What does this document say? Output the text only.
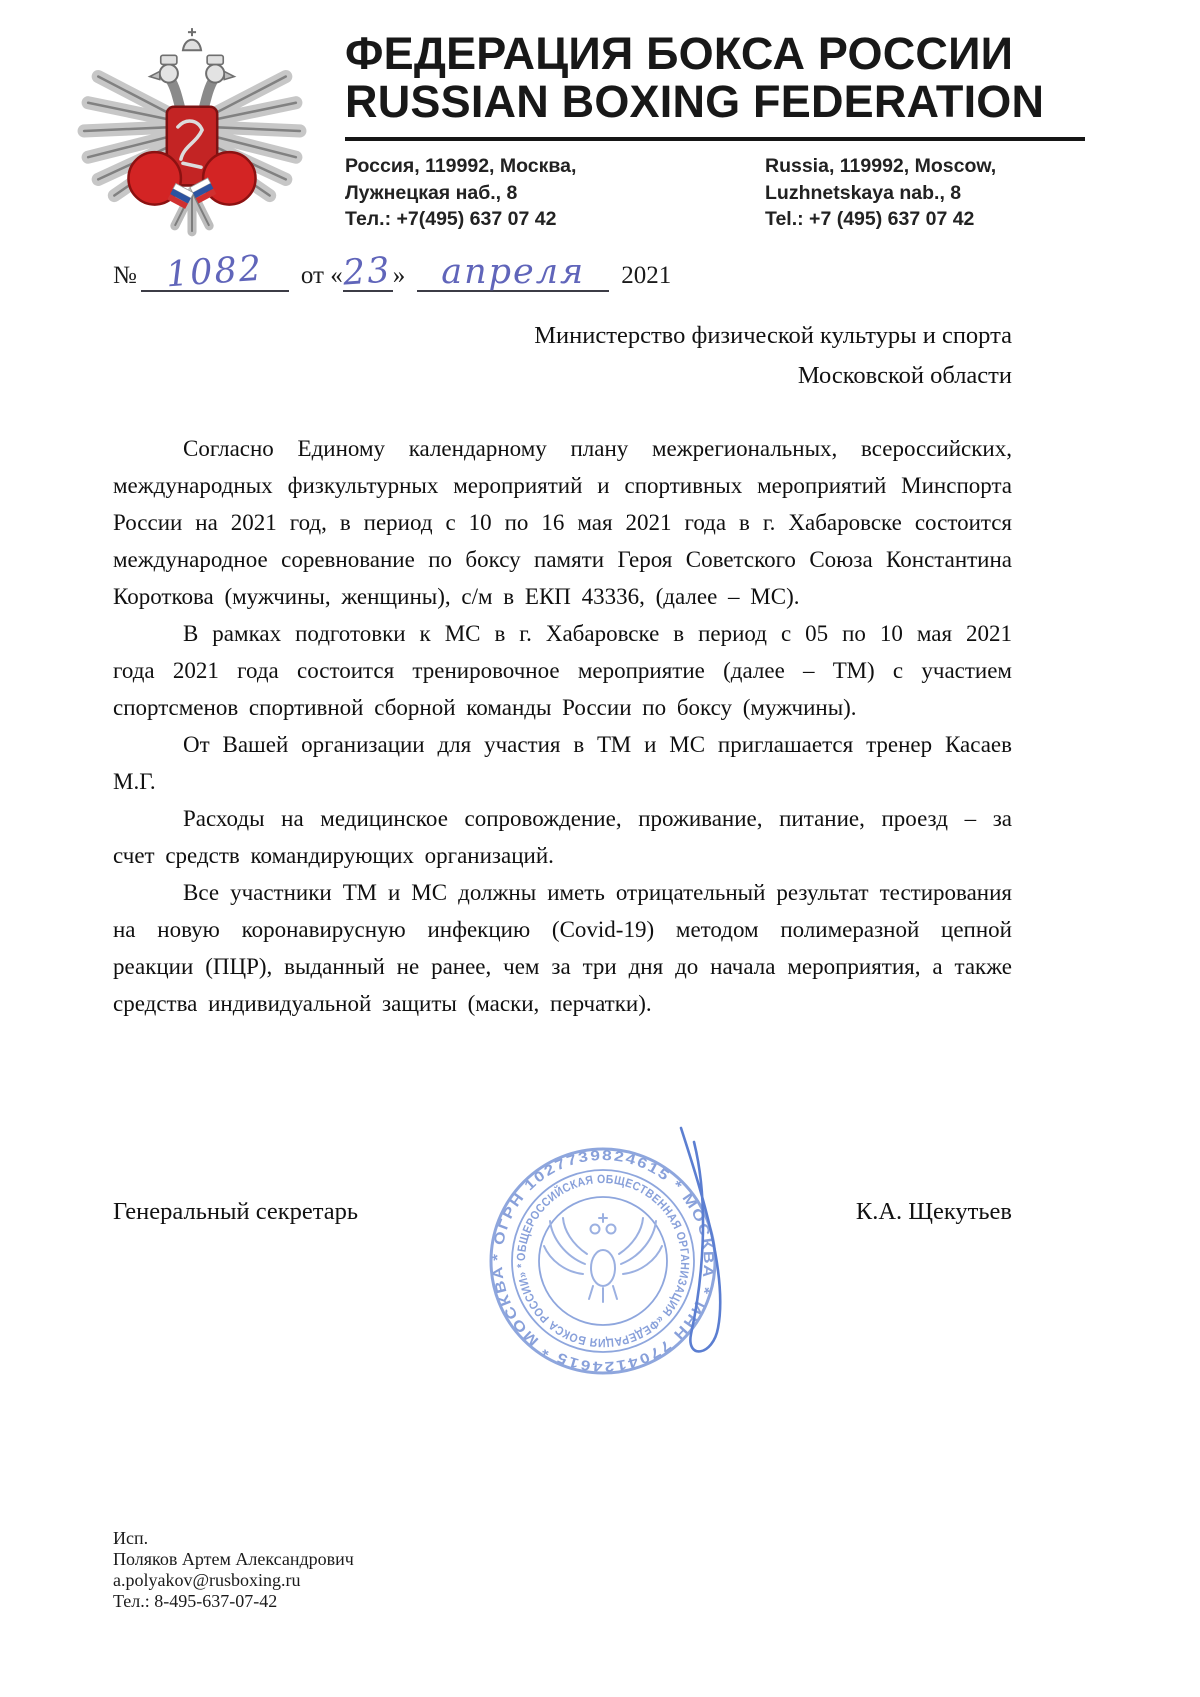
ФЕДЕРАЦИЯ БОКСА РОССИИ
RUSSIAN BOXING FEDERATION
Россия, 119992, Москва,
Лужнецкая наб., 8
Тел.: +7(495) 637 07 42
Russia, 119992, Moscow,
Luzhnetskaya nab., 8
Tel.: +7 (495) 637 07 42
№ 1082	от « 23 »	апреля	2021
Министерство физической культуры и спорта
Московской области

Согласно Единому календарному плану межрегиональных, всероссийских, международных физкультурных мероприятий и спортивных мероприятий Минспорта России на 2021 год, в период с 10 по 16 мая 2021 года в г. Хабаровске состоится международное соревнование по боксу памяти Героя Советского Союза Константина Короткова (мужчины, женщины), с/м в ЕКП 43336, (далее – МС).

В рамках подготовки к МС в г. Хабаровске в период с 05 по 10 мая 2021 года 2021 года состоится тренировочное мероприятие (далее – ТМ) с участием спортсменов спортивной сборной команды России по боксу (мужчины).

От Вашей организации для участия в ТМ и МС приглашается тренер Касаев М.Г.

Расходы на медицинское сопровождение, проживание, питание, проезд – за счет средств командирующих организаций.

Все участники ТМ и МС должны иметь отрицательный результат тестирования на новую коронавирусную инфекцию (Covid-19) методом полимеразной цепной реакции (ПЦР), выданный не ранее, чем за три дня до начала мероприятия, а также средства индивидуальной защиты (маски, перчатки).

Генеральный секретарь	К.А. Щекутьев
* ОГРН 1027739824615 * МОСКВА * ИНН 7704124615 * МОСКВА
ОБЩЕРОССИЙСКАЯ ОБЩЕСТВЕННАЯ ОРГАНИЗАЦИЯ «ФЕДЕРАЦИЯ БОКСА РОССИИ» *
Исп.
Поляков Артем Александрович
a.polyakov@rusboxing.ru
Тел.: 8-495-637-07-42
